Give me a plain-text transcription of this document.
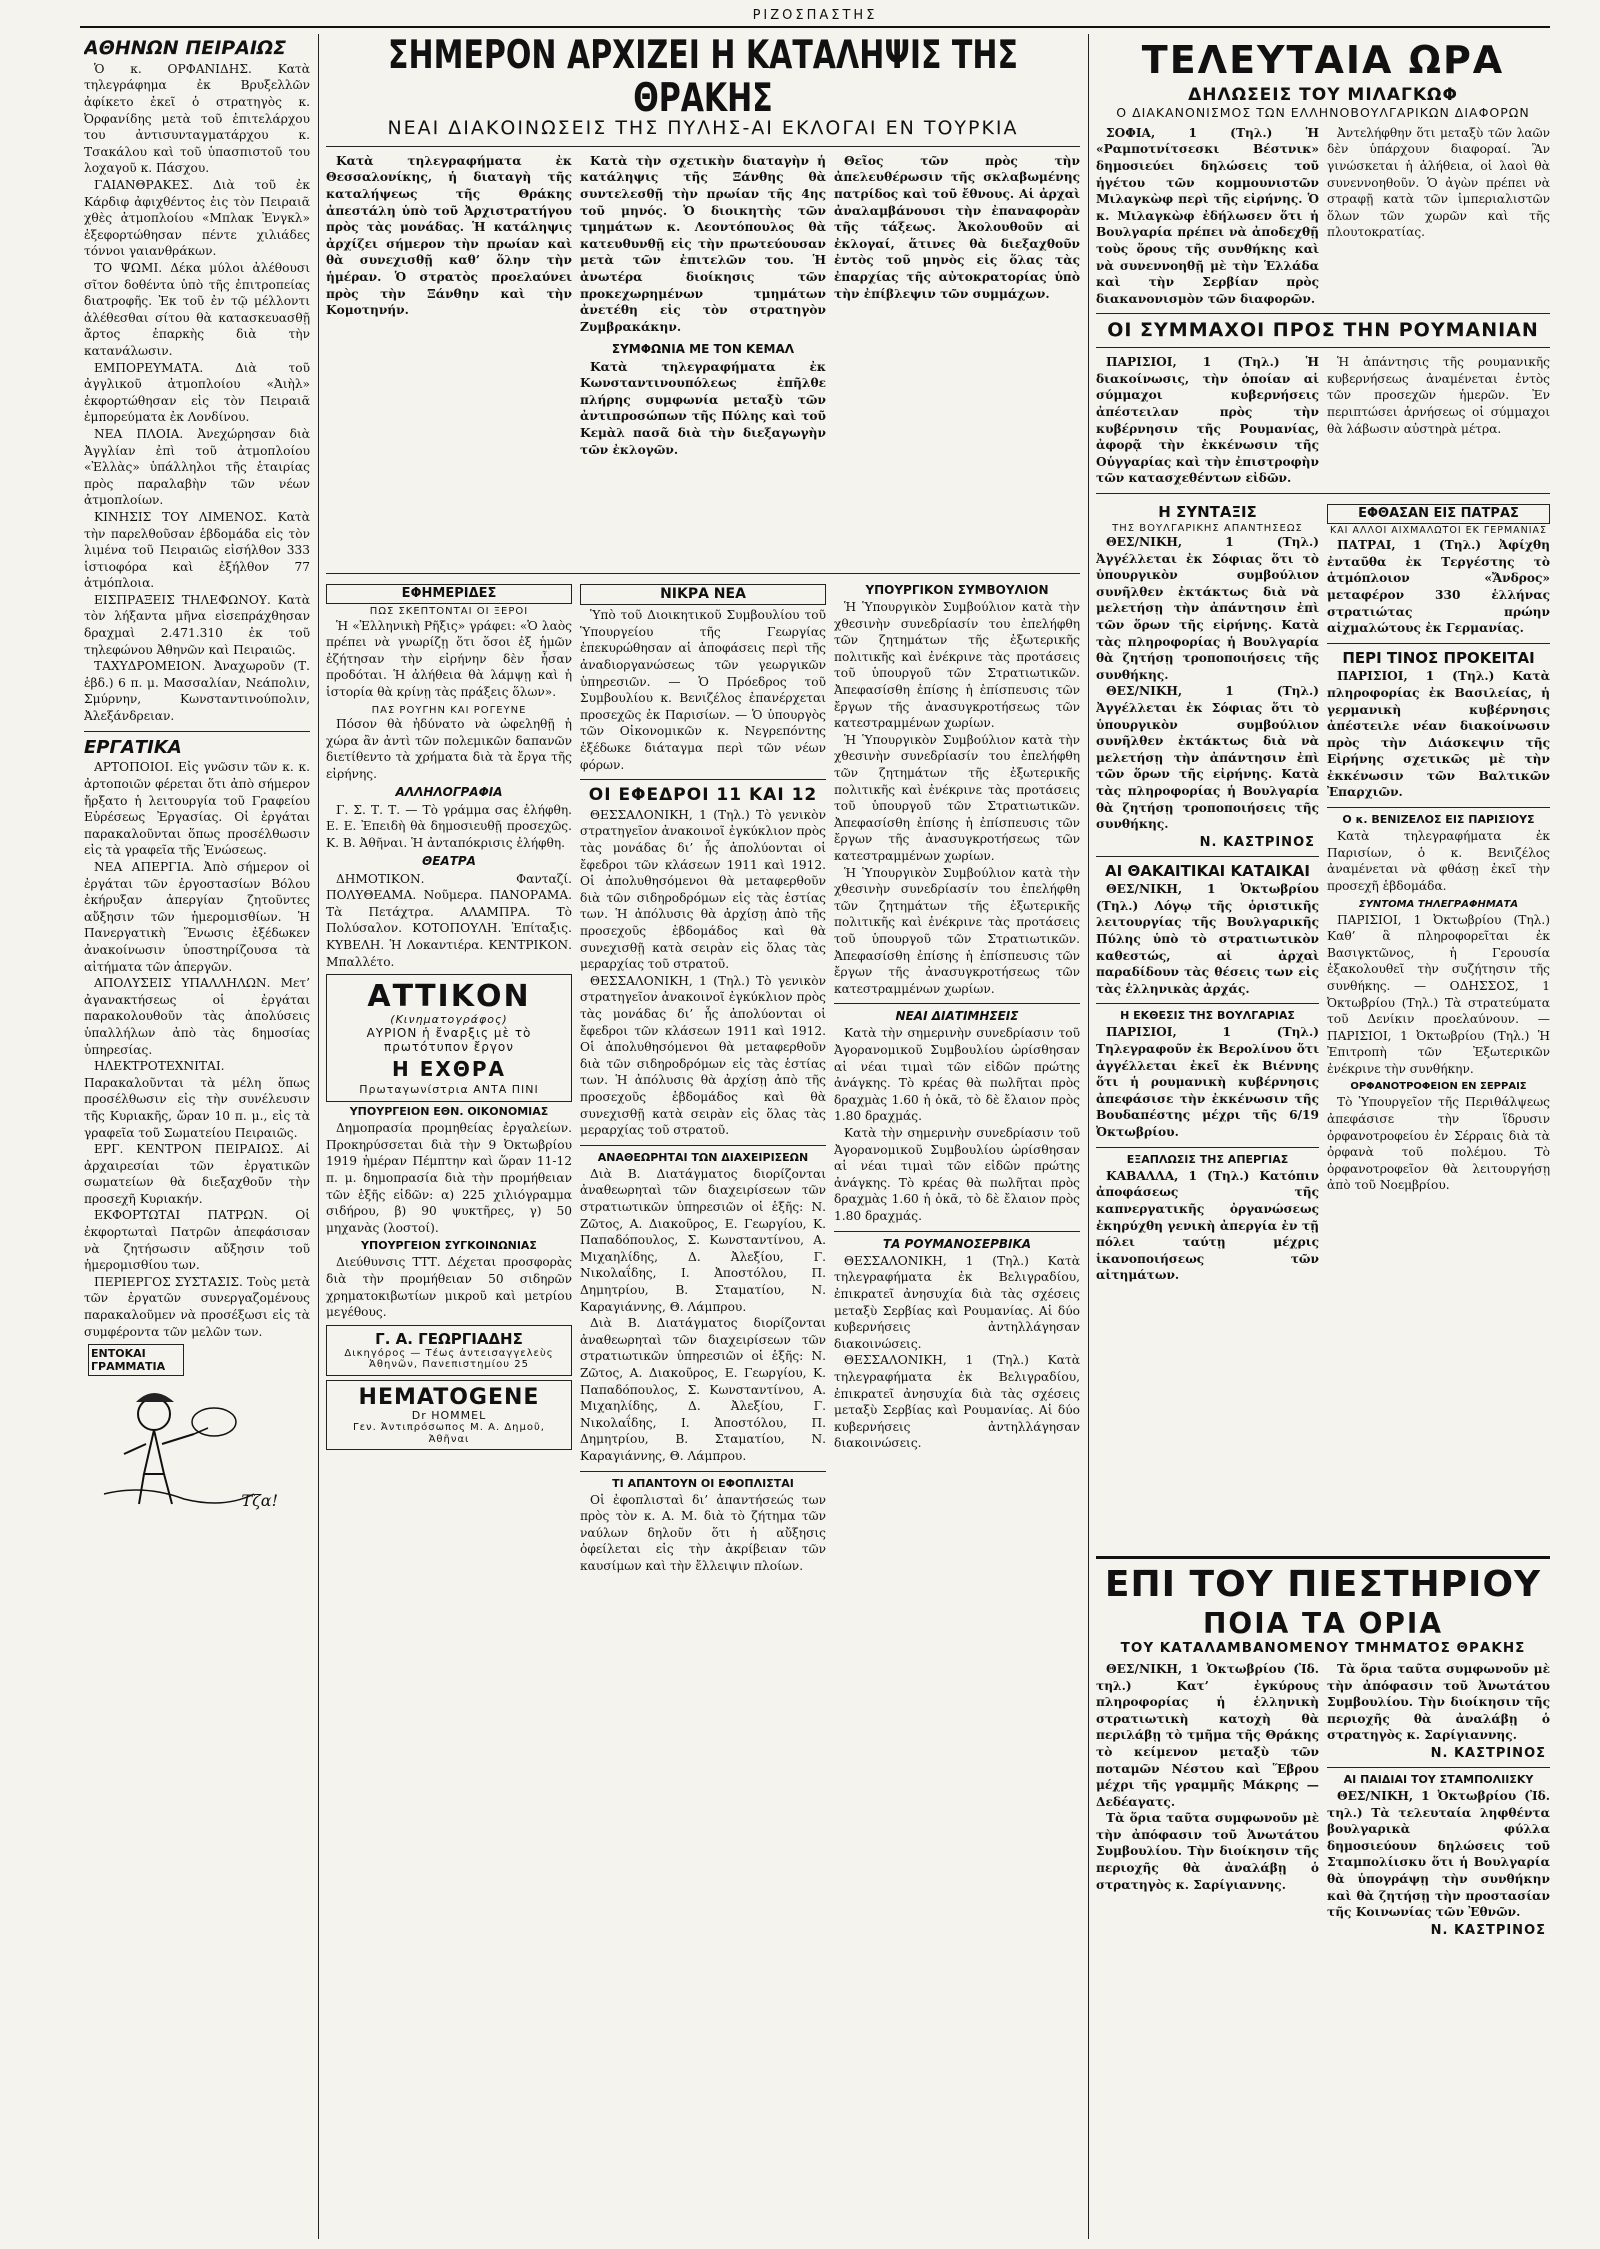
ΡΙΖΟΣΠΑΣΤΗΣ
ΑΘΗΝΩΝ ΠΕΙΡΑΙΩΣ

Ὁ κ. ΟΡΦΑΝΙΔΗΣ. Κατὰ τηλεγράφημα ἐκ Βρυξελλῶν ἀφίκετο ἐκεῖ ὁ στρατηγὸς κ. Ὀρφανίδης μετὰ τοῦ ἐπιτελάρχου του ἀντισυνταγματάρχου κ. Τσακάλου καὶ τοῦ ὑπασπιστοῦ του λοχαγοῦ κ. Πάσχου.

ΓΑΙΑΝΘΡΑΚΕΣ. Διὰ τοῦ ἐκ Κάρδιφ ἀφιχθέντος ἐις τὸν Πειραιᾶ χθὲς ἀτμοπλοίου «Μπλακ Ἐνγκλ» ἐξεφορτώθησαν πέντε χιλιάδες τόννοι γαιανθράκων.

ΤΟ ΨΩΜΙ. Δέκα μύλοι ἀλέθουσι σῖτον δοθέντα ὑπὸ τῆς ἐπιτροπείας διατροφῆς. Ἐκ τοῦ ἐν τῷ μέλλοντι ἀλέθεσθαι σίτου θὰ κατασκευασθῇ ἄρτος ἐπαρκὴς διὰ τὴν κατανάλωσιν.

ΕΜΠΟΡΕΥΜΑΤΑ. Διὰ τοῦ ἀγγλικοῦ ἀτμοπλοίου «Ἀιὴλ» ἐκφορτώθησαν εἰς τὸν Πειραιᾶ ἐμπορεύματα ἐκ Λονδίνου.

ΝΕΑ ΠΛΟΙΑ. Ἀνεχώρησαν διὰ Ἀγγλίαν ἐπὶ τοῦ ἀτμοπλοίου «Ἐλλὰς» ὑπάλληλοι τῆς ἑταιρίας πρὸς παραλαβὴν τῶν νέων ἀτμοπλοίων.

ΚΙΝΗΣΙΣ ΤΟΥ ΛΙΜΕΝΟΣ. Κατὰ τὴν παρελθοῦσαν ἑβδομάδα εἰς τὸν λιμένα τοῦ Πειραιῶς εἰσήλθον 333 ἱστιοφόρα καὶ ἐξήλθον 77 ἀτμόπλοια.

ΕΙΣΠΡΑΞΕΙΣ ΤΗΛΕΦΩΝΟΥ. Κατὰ τὸν λήξαντα μῆνα εἰσεπράχθησαν δραχμαὶ 2.471.310 ἐκ τοῦ τηλεφώνου Ἀθηνῶν καὶ Πειραιῶς.

ΤΑΧΥΔΡΟΜΕΙΟΝ. Ἀναχωροῦν (Τ. ἑβδ.) 6 π. μ. Μασσαλίαν, Νεάπολιν, Σμύρνην, Κωνσταντινούπολιν, Ἀλεξάνδρειαν.

ΕΡΓΑΤΙΚΑ

ΑΡΤΟΠΟΙΟΙ. Εἰς γνῶσιν τῶν κ. κ. ἀρτοποιῶν φέρεται ὅτι ἀπὸ σήμερον ἤρξατο ἡ λειτουργία τοῦ Γραφείου Εὑρέσεως Ἐργασίας. Οἱ ἐργάται παρακαλοῦνται ὅπως προσέλθωσιν εἰς τὰ γραφεῖα τῆς Ἐνώσεως.

ΝΕΑ ΑΠΕΡΓΙΑ. Ἀπὸ σήμερον οἱ ἐργάται τῶν ἐργοστασίων Βόλου ἐκήρυξαν ἀπεργίαν ζητοῦντες αὔξησιν τῶν ἡμερομισθίων. Ἡ Πανεργατικὴ Ἕνωσις ἐξέδωκεν ἀνακοίνωσιν ὑποστηρίζουσα τὰ αἰτήματα τῶν ἀπεργῶν.

ΑΠΟΛΥΣΕΙΣ ΥΠΑΛΛΗΛΩΝ. Μετ’ ἀγανακτήσεως οἱ ἐργάται παρακολουθοῦν τὰς ἀπολύσεις ὑπαλλήλων ἀπὸ τὰς δημοσίας ὑπηρεσίας.

ΗΛΕΚΤΡΟΤΕΧΝΙΤΑΙ. Παρακαλοῦνται τὰ μέλη ὅπως προσέλθωσιν εἰς τὴν συνέλευσιν τῆς Κυριακῆς, ὥραν 10 π. μ., εἰς τὰ γραφεῖα τοῦ Σωματείου Πειραιῶς.

ΕΡΓ. ΚΕΝΤΡΟΝ ΠΕΙΡΑΙΩΣ. Αἱ ἀρχαιρεσίαι τῶν ἐργατικῶν σωματείων θὰ διεξαχθοῦν τὴν προσεχῆ Κυριακήν.

ΕΚΦΟΡΤΩΤΑΙ ΠΑΤΡΩΝ. Οἱ ἐκφορτωταὶ Πατρῶν ἀπεφάσισαν νὰ ζητήσωσιν αὔξησιν τοῦ ἡμερομισθίου των.

ΠΕΡΙΕΡΓΟΣ ΣΥΣΤΑΣΙΣ. Τοὺς μετὰ τῶν ἐργατῶν συνεργαζομένους παρακαλοῦμεν νὰ προσέξωσι εἰς τὰ συμφέροντα τῶν μελῶν των.

ΕΝΤΟΚΑΙ ΓΡΑΜΜΑΤΙΑ
Τζα!
ΣΗΜΕΡΟΝ ΑΡΧΙΖΕΙ Η ΚΑΤΑΛΗΨΙΣ ΤΗΣ ΘΡΑΚΗΣ
ΝΕΑΙ ΔΙΑΚΟΙΝΩΣΕΙΣ ΤΗΣ ΠΥΛΗΣ-ΑΙ ΕΚΛΟΓΑΙ ΕΝ ΤΟΥΡΚΙΑ

Κατὰ τηλεγραφήματα ἐκ Θεσσαλονίκης, ἡ διαταγὴ τῆς καταλήψεως τῆς Θράκης ἀπεστάλη ὑπὸ τοῦ Ἀρχιστρατήγου πρὸς τὰς μονάδας. Ἡ κατάληψις ἀρχίζει σήμερον τὴν πρωίαν καὶ θὰ συνεχισθῇ καθ’ ὅλην τὴν ἡμέραν. Ὁ στρατὸς προελαύνει πρὸς τὴν Ξάνθην καὶ τὴν Κομοτηνήν.

Κατὰ τὴν σχετικὴν διαταγὴν ἡ κατάληψις τῆς Ξάνθης θὰ συντελεσθῇ τὴν πρωίαν τῆς 4ης τοῦ μηνός. Ὁ διοικητὴς τῶν τμημάτων κ. Λεοντόπουλος θὰ κατευθυνθῇ εἰς τὴν πρωτεύουσαν μετὰ τῶν ἐπιτελῶν του. Ἡ ἀνωτέρα διοίκησις τῶν προκεχωρημένων τμημάτων ἀνετέθη εἰς τὸν στρατηγὸν Ζυμβρακάκην.

ΣΥΜΦΩΝΙΑ ΜΕ ΤΟΝ ΚΕΜΑΛ

Κατὰ τηλεγραφήματα ἐκ Κωνσταντινουπόλεως ἐπῆλθε πλήρης συμφωνία μεταξὺ τῶν ἀντιπροσώπων τῆς Πύλης καὶ τοῦ Κεμὰλ πασᾶ διὰ τὴν διεξαγωγὴν τῶν ἐκλογῶν.

Θεῖος τῶν πρὸς τὴν ἀπελευθέρωσιν τῆς σκλαβωμένης πατρίδος καὶ τοῦ ἔθνους. Αἱ ἀρχαὶ ἀναλαμβάνουσι τὴν ἐπαναφορὰν τῆς τάξεως. Ἀκολουθοῦν αἱ ἐκλογαί, ἅτινες θὰ διεξαχθοῦν ἐντὸς τοῦ μηνὸς εἰς ὅλας τὰς ἐπαρχίας τῆς αὐτοκρατορίας ὑπὸ τὴν ἐπίβλεψιν τῶν συμμάχων.

ΕΦΗΜΕΡΙΔΕΣ
ΠΩΣ ΣΚΕΠΤΟΝΤΑΙ ΟΙ ΞΕΡΟΙ

Ἡ «Ἑλληνικὴ Ρῆξις» γράφει: «Ὁ λαὸς πρέπει νὰ γνωρίζῃ ὅτι ὅσοι ἐξ ἡμῶν ἐζήτησαν τὴν εἰρήνην δὲν ἦσαν προδόται. Ἡ ἀλήθεια θὰ λάμψῃ καὶ ἡ ἱστορία θὰ κρίνῃ τὰς πράξεις ὅλων».

ΠΑΣ ΡΟΥΓΗΝ ΚΑΙ ΡΟΓΕΥΝΕ

Πόσον θὰ ἠδύνατο νὰ ὠφεληθῇ ἡ χώρα ἂν ἀντὶ τῶν πολεμικῶν δαπανῶν διετίθεντο τὰ χρήματα διὰ τὰ ἔργα τῆς εἰρήνης.

ΑΛΛΗΛΟΓΡΑΦΙΑ

Γ. Σ. Τ. Τ. — Τὸ γράμμα σας ἐλήφθη. Ε. Ε. Ἐπειδὴ θὰ δημοσιευθῇ προσεχῶς. Κ. Β. Ἀθῆναι. Ἡ ἀνταπόκρισις ἐλήφθη.

ΘΕΑΤΡΑ

ΔΗΜΟΤΙΚΟΝ. Φανταζί. ΠΟΛΥΘΕΑΜΑ. Νοῦμερα. ΠΑΝΟΡΑΜΑ. Τὰ Πετάχτρα. ΑΛΑΜΠΡΑ. Τὸ Πολύσαλον. ΚΟΤΟΠΟΥΛΗ. Ἐπίταξις. ΚΥΒΕΛΗ. Ἡ Λοκαντιέρα. ΚΕΝΤΡΙΚΟΝ. Μπαλλέτο.

ΑΤΤΙΚΟΝ
(Κινηματογράφος)
ΑΥΡΙΟΝ ἡ ἔναρξις μὲ τὸ πρωτότυπον ἔργον
Η ΕΧΘΡΑ
Πρωταγωνίστρια ΑΝΤΑ ΠΙΝΙ
ΥΠΟΥΡΓΕΙΟΝ ΕΘΝ. ΟΙΚΟΝΟΜΙΑΣ

Δημοπρασία προμηθείας ἐργαλείων. Προκηρύσσεται διὰ τὴν 9 Ὀκτωβρίου 1919 ἡμέραν Πέμπτην καὶ ὥραν 11-12 π. μ. δημοπρασία διὰ τὴν προμήθειαν τῶν ἑξῆς εἰδῶν: α) 225 χιλιόγραμμα σιδήρου, β) 90 ψυκτῆρες, γ) 50 μηχανὰς (λοστοί).

ΥΠΟΥΡΓΕΙΟΝ ΣΥΓΚΟΙΝΩΝΙΑΣ

Διεύθυνσις ΤΤΤ. Δέχεται προσφορὰς διὰ τὴν προμήθειαν 50 σιδηρῶν χρηματοκιβωτίων μικροῦ καὶ μετρίου μεγέθους.

Γ. Α. ΓΕΩΡΓΙΑΔΗΣ
Δικηγόρος — Τέως ἀντεισαγγελεὺς Ἀθηνῶν, Πανεπιστημίου 25
HEMATOGENE
Dr HOMMEL
Γεν. Ἀντιπρόσωπος Μ. Α. Δημοῦ, Ἀθῆναι
ΝΙΚΡΑ ΝΕΑ

Ὑπὸ τοῦ Διοικητικοῦ Συμβουλίου τοῦ Ὑπουργείου τῆς Γεωργίας ἐπεκυρώθησαν αἱ ἀποφάσεις περὶ τῆς ἀναδιοργανώσεως τῶν γεωργικῶν ὑπηρεσιῶν. — Ὁ Πρόεδρος τοῦ Συμβουλίου κ. Βενιζέλος ἐπανέρχεται προσεχῶς ἐκ Παρισίων. — Ὁ ὑπουργὸς τῶν Οἰκονομικῶν κ. Νεγρεπόντης ἐξέδωκε διάταγμα περὶ τῶν νέων φόρων.

ΟΙ ΕΦΕΔΡΟΙ 11 ΚΑΙ 12

ΘΕΣΣΑΛΟΝΙΚΗ, 1 (Τηλ.) Τὸ γενικὸν στρατηγεῖον ἀνακοινοῖ ἐγκύκλιον πρὸς τὰς μονάδας δι’ ἧς ἀπολύονται οἱ ἔφεδροι τῶν κλάσεων 1911 καὶ 1912. Οἱ ἀπολυθησόμενοι θὰ μεταφερθοῦν διὰ τῶν σιδηροδρόμων εἰς τὰς ἑστίας των. Ἡ ἀπόλυσις θὰ ἀρχίσῃ ἀπὸ τῆς προσεχοῦς ἑβδομάδος καὶ θὰ συνεχισθῇ κατὰ σειρὰν εἰς ὅλας τὰς μεραρχίας τοῦ στρατοῦ.

ΘΕΣΣΑΛΟΝΙΚΗ, 1 (Τηλ.) Τὸ γενικὸν στρατηγεῖον ἀνακοινοῖ ἐγκύκλιον πρὸς τὰς μονάδας δι’ ἧς ἀπολύονται οἱ ἔφεδροι τῶν κλάσεων 1911 καὶ 1912. Οἱ ἀπολυθησόμενοι θὰ μεταφερθοῦν διὰ τῶν σιδηροδρόμων εἰς τὰς ἑστίας των. Ἡ ἀπόλυσις θὰ ἀρχίσῃ ἀπὸ τῆς προσεχοῦς ἑβδομάδος καὶ θὰ συνεχισθῇ κατὰ σειρὰν εἰς ὅλας τὰς μεραρχίας τοῦ στρατοῦ.

ΑΝΑΘΕΩΡΗΤΑΙ ΤΩΝ ΔΙΑΧΕΙΡΙΣΕΩΝ

Διὰ Β. Διατάγματος διορίζονται ἀναθεωρηταὶ τῶν διαχειρίσεων τῶν στρατιωτικῶν ὑπηρεσιῶν οἱ ἑξῆς: Ν. Ζῶτος, Α. Διακοῦρος, Ε. Γεωργίου, Κ. Παπαδόπουλος, Σ. Κωνσταντίνου, Α. Μιχαηλίδης, Δ. Ἀλεξίου, Γ. Νικολαΐδης, Ι. Ἀποστόλου, Π. Δημητρίου, Β. Σταματίου, Ν. Καραγιάννης, Θ. Λάμπρου.

Διὰ Β. Διατάγματος διορίζονται ἀναθεωρηταὶ τῶν διαχειρίσεων τῶν στρατιωτικῶν ὑπηρεσιῶν οἱ ἑξῆς: Ν. Ζῶτος, Α. Διακοῦρος, Ε. Γεωργίου, Κ. Παπαδόπουλος, Σ. Κωνσταντίνου, Α. Μιχαηλίδης, Δ. Ἀλεξίου, Γ. Νικολαΐδης, Ι. Ἀποστόλου, Π. Δημητρίου, Β. Σταματίου, Ν. Καραγιάννης, Θ. Λάμπρου.

ΤΙ ΑΠΑΝΤΟΥΝ ΟΙ ΕΦΟΠΛΙΣΤΑΙ

Οἱ ἐφοπλισταὶ δι’ ἀπαντήσεώς των πρὸς τὸν κ. Α. Μ. διὰ τὸ ζήτημα τῶν ναύλων δηλοῦν ὅτι ἡ αὔξησις ὀφείλεται εἰς τὴν ἀκρίβειαν τῶν καυσίμων καὶ τὴν ἔλλειψιν πλοίων.

ΥΠΟΥΡΓΙΚΟΝ ΣΥΜΒΟΥΛΙΟΝ

Ἡ Ὑπουργικὸν Συμβούλιον κατὰ τὴν χθεσινὴν συνεδρίασίν του ἐπελήφθη τῶν ζητημάτων τῆς ἐξωτερικῆς πολιτικῆς καὶ ἐνέκρινε τὰς προτάσεις τοῦ ὑπουργοῦ τῶν Στρατιωτικῶν. Ἀπεφασίσθη ἐπίσης ἡ ἐπίσπευσις τῶν ἔργων τῆς ἀνασυγκροτήσεως τῶν κατεστραμμένων χωρίων.

Ἡ Ὑπουργικὸν Συμβούλιον κατὰ τὴν χθεσινὴν συνεδρίασίν του ἐπελήφθη τῶν ζητημάτων τῆς ἐξωτερικῆς πολιτικῆς καὶ ἐνέκρινε τὰς προτάσεις τοῦ ὑπουργοῦ τῶν Στρατιωτικῶν. Ἀπεφασίσθη ἐπίσης ἡ ἐπίσπευσις τῶν ἔργων τῆς ἀνασυγκροτήσεως τῶν κατεστραμμένων χωρίων.

Ἡ Ὑπουργικὸν Συμβούλιον κατὰ τὴν χθεσινὴν συνεδρίασίν του ἐπελήφθη τῶν ζητημάτων τῆς ἐξωτερικῆς πολιτικῆς καὶ ἐνέκρινε τὰς προτάσεις τοῦ ὑπουργοῦ τῶν Στρατιωτικῶν. Ἀπεφασίσθη ἐπίσης ἡ ἐπίσπευσις τῶν ἔργων τῆς ἀνασυγκροτήσεως τῶν κατεστραμμένων χωρίων.

ΝΕΑΙ ΔΙΑΤΙΜΗΣΕΙΣ

Κατὰ τὴν σημερινὴν συνεδρίασιν τοῦ Ἀγορανομικοῦ Συμβουλίου ὡρίσθησαν αἱ νέαι τιμαὶ τῶν εἰδῶν πρώτης ἀνάγκης. Τὸ κρέας θὰ πωλῆται πρὸς δραχμὰς 1.60 ἡ ὀκᾶ, τὸ δὲ ἔλαιον πρὸς 1.80 δραχμάς.

Κατὰ τὴν σημερινὴν συνεδρίασιν τοῦ Ἀγορανομικοῦ Συμβουλίου ὡρίσθησαν αἱ νέαι τιμαὶ τῶν εἰδῶν πρώτης ἀνάγκης. Τὸ κρέας θὰ πωλῆται πρὸς δραχμὰς 1.60 ἡ ὀκᾶ, τὸ δὲ ἔλαιον πρὸς 1.80 δραχμάς.

ΤΑ ΡΟΥΜΑΝΟΣΕΡΒΙΚΑ

ΘΕΣΣΑΛΟΝΙΚΗ, 1 (Τηλ.) Κατὰ τηλεγραφήματα ἐκ Βελιγραδίου, ἐπικρατεῖ ἀνησυχία διὰ τὰς σχέσεις μεταξὺ Σερβίας καὶ Ρουμανίας. Αἱ δύο κυβερνήσεις ἀντηλλάγησαν διακοινώσεις.

ΘΕΣΣΑΛΟΝΙΚΗ, 1 (Τηλ.) Κατὰ τηλεγραφήματα ἐκ Βελιγραδίου, ἐπικρατεῖ ἀνησυχία διὰ τὰς σχέσεις μεταξὺ Σερβίας καὶ Ρουμανίας. Αἱ δύο κυβερνήσεις ἀντηλλάγησαν διακοινώσεις.

ΤΕΛΕΥΤΑΙΑ ΩΡΑ
ΔΗΛΩΣΕΙΣ ΤΟΥ ΜΙΛΑΓΚΩΦ
Ο ΔΙΑΚΑΝΟΝΙΣΜΟΣ ΤΩΝ ΕΛΛΗΝΟΒΟΥΛΓΑΡΙΚΩΝ ΔΙΑΦΟΡΩΝ

ΣΟΦΙΑ, 1 (Τηλ.) Ἡ «Ραμποτνίτσεσκι Βέστνικ» δημοσιεύει δηλώσεις τοῦ ἡγέτου τῶν κομμουνιστῶν Μιλαγκὼφ περὶ τῆς εἰρήνης. Ὁ κ. Μιλαγκὼφ ἐδήλωσεν ὅτι ἡ Βουλγαρία πρέπει νὰ ἀποδεχθῇ τοὺς ὅρους τῆς συνθήκης καὶ νὰ συνεννοηθῇ μὲ τὴν Ἑλλάδα καὶ τὴν Σερβίαν πρὸς διακανονισμὸν τῶν διαφορῶν.

Ἀντελήφθην ὅτι μεταξὺ τῶν λαῶν δὲν ὑπάρχουν διαφοραί. Ἂν γινώσκεται ἡ ἀλήθεια, οἱ λαοὶ θὰ συνεννοηθοῦν. Ὁ ἀγὼν πρέπει νὰ στραφῇ κατὰ τῶν ἰμπεριαλιστῶν ὅλων τῶν χωρῶν καὶ τῆς πλουτοκρατίας.

ΟΙ ΣΥΜΜΑΧΟΙ ΠΡΟΣ ΤΗΝ ΡΟΥΜΑΝΙΑΝ

ΠΑΡΙΣΙΟΙ, 1 (Τηλ.) Ἡ διακοίνωσις, τὴν ὁποίαν αἱ σύμμαχοι κυβερνήσεις ἀπέστειλαν πρὸς τὴν κυβέρνησιν τῆς Ρουμανίας, ἀφορᾷ τὴν ἐκκένωσιν τῆς Οὑγγαρίας καὶ τὴν ἐπιστροφὴν τῶν κατασχεθέντων εἰδῶν.

Ἡ ἀπάντησις τῆς ρουμανικῆς κυβερνήσεως ἀναμένεται ἐντὸς τῶν προσεχῶν ἡμερῶν. Ἐν περιπτώσει ἀρνήσεως οἱ σύμμαχοι θὰ λάβωσιν αὐστηρὰ μέτρα.

Η ΣΥΝΤΑΞΙΣ
ΤΗΣ ΒΟΥΛΓΑΡΙΚΗΣ ΑΠΑΝΤΗΣΕΩΣ

ΘΕΣ/ΝΙΚΗ, 1 (Τηλ.) Ἀγγέλλεται ἐκ Σόφιας ὅτι τὸ ὑπουργικὸν συμβούλιον συνῆλθεν ἐκτάκτως διὰ νὰ μελετήσῃ τὴν ἀπάντησιν ἐπὶ τῶν ὅρων τῆς εἰρήνης. Κατὰ τὰς πληροφορίας ἡ Βουλγαρία θὰ ζητήσῃ τροποποιήσεις τῆς συνθήκης.

ΘΕΣ/ΝΙΚΗ, 1 (Τηλ.) Ἀγγέλλεται ἐκ Σόφιας ὅτι τὸ ὑπουργικὸν συμβούλιον συνῆλθεν ἐκτάκτως διὰ νὰ μελετήσῃ τὴν ἀπάντησιν ἐπὶ τῶν ὅρων τῆς εἰρήνης. Κατὰ τὰς πληροφορίας ἡ Βουλγαρία θὰ ζητήσῃ τροποποιήσεις τῆς συνθήκης.

Ν. ΚΑΣΤΡΙΝΟΣ
ΑΙ ΘΑΚΑΙΤΙΚΑΙ ΚΑΤΑΙΚΑΙ

ΘΕΣ/ΝΙΚΗ, 1 Ὀκτωβρίου (Τηλ.) Λόγῳ τῆς ὁριστικῆς λειτουργίας τῆς Βουλγαρικῆς Πύλης ὑπὸ τὸ στρατιωτικὸν καθεστώς, αἱ ἀρχαὶ παραδίδουν τὰς θέσεις των εἰς τὰς ἑλληνικὰς ἀρχάς.

Η ΕΚΘΕΣΙΣ ΤΗΣ ΒΟΥΛΓΑΡΙΑΣ

ΠΑΡΙΣΙΟΙ, 1 (Τηλ.) Τηλεγραφοῦν ἐκ Βερολίνου ὅτι ἀγγέλλεται ἐκεῖ ἐκ Βιέννης ὅτι ἡ ρουμανικὴ κυβέρνησις ἀπεφάσισε τὴν ἐκκένωσιν τῆς Βουδαπέστης μέχρι τῆς 6/19 Ὀκτωβρίου.

ΕΞΑΠΛΩΣΙΣ ΤΗΣ ΑΠΕΡΓΙΑΣ

ΚΑΒΑΛΛΑ, 1 (Τηλ.) Κατόπιν ἀποφάσεως τῆς καπνεργατικῆς ὀργανώσεως ἐκηρύχθη γενικὴ ἀπεργία ἐν τῇ πόλει ταύτῃ μέχρις ἱκανοποιήσεως τῶν αἰτημάτων.

ΕΦΘΑΣΑΝ ΕΙΣ ΠΑΤΡΑΣ
ΚΑΙ ΑΛΛΟΙ ΑΙΧΜΑΛΩΤΟΙ ΕΚ ΓΕΡΜΑΝΙΑΣ

ΠΑΤΡΑΙ, 1 (Τηλ.) Ἀφίχθη ἐνταῦθα ἐκ Τεργέστης τὸ ἀτμόπλοιον «Ἄνδρος» μεταφέρον 330 ἑλλήνας στρατιώτας πρώην αἰχμαλώτους ἐκ Γερμανίας.

ΠΕΡΙ ΤΙΝΟΣ ΠΡΟΚΕΙΤΑΙ

ΠΑΡΙΣΙΟΙ, 1 (Τηλ.) Κατὰ πληροφορίας ἐκ Βασιλείας, ἡ γερμανικὴ κυβέρνησις ἀπέστειλε νέαν διακοίνωσιν πρὸς τὴν Διάσκεψιν τῆς Εἰρήνης σχετικῶς μὲ τὴν ἐκκένωσιν τῶν Βαλτικῶν Ἐπαρχιῶν.

Ο κ. ΒΕΝΙΖΕΛΟΣ ΕΙΣ ΠΑΡΙΣΙΟΥΣ

Κατὰ τηλεγραφήματα ἐκ Παρισίων, ὁ κ. Βενιζέλος ἀναμένεται νὰ φθάσῃ ἐκεῖ τὴν προσεχῆ ἑβδομάδα.

ΣΥΝΤΟΜΑ ΤΗΛΕΓΡΑΦΗΜΑΤΑ

ΠΑΡΙΣΙΟΙ, 1 Ὀκτωβρίου (Τηλ.) Καθ’ ἃ πληροφορεῖται ἐκ Βασιγκτῶνος, ἡ Γερουσία ἐξακολουθεῖ τὴν συζήτησιν τῆς συνθήκης. — ΟΔΗΣΣΟΣ, 1 Ὀκτωβρίου (Τηλ.) Τὰ στρατεύματα τοῦ Δενίκιν προελαύνουν. — ΠΑΡΙΣΙΟΙ, 1 Ὀκτωβρίου (Τηλ.) Ἡ Ἐπιτροπὴ τῶν Ἐξωτερικῶν ἐνέκρινε τὴν συνθήκην.

ΟΡΦΑΝΟΤΡΟΦΕΙΟΝ ΕΝ ΣΕΡΡΑΙΣ

Τὸ Ὑπουργεῖον τῆς Περιθάλψεως ἀπεφάσισε τὴν ἵδρυσιν ὀρφανοτροφείου ἐν Σέρραις διὰ τὰ ὀρφανὰ τοῦ πολέμου. Τὸ ὀρφανοτροφεῖον θὰ λειτουργήσῃ ἀπὸ τοῦ Νοεμβρίου.

ΕΠΙ ΤΟΥ ΠΙΕΣΤΗΡΙΟΥ
ΠΟΙΑ ΤΑ ΟΡΙΑ
ΤΟΥ ΚΑΤΑΛΑΜΒΑΝΟΜΕΝΟΥ ΤΜΗΜΑΤΟΣ ΘΡΑΚΗΣ

ΘΕΣ/ΝΙΚΗ, 1 Ὀκτωβρίου (Ἰδ. τηλ.) Κατ’ ἐγκύρους πληροφορίας ἡ ἑλληνικὴ στρατιωτικὴ κατοχὴ θὰ περιλάβῃ τὸ τμῆμα τῆς Θράκης τὸ κείμενον μεταξὺ τῶν ποταμῶν Νέστου καὶ Ἕβρου μέχρι τῆς γραμμῆς Μάκρης — Δεδέαγατς.

Τὰ ὅρια ταῦτα συμφωνοῦν μὲ τὴν ἀπόφασιν τοῦ Ἀνωτάτου Συμβουλίου. Τὴν διοίκησιν τῆς περιοχῆς θὰ ἀναλάβῃ ὁ στρατηγὸς κ. Σαρίγιαννης.

Τὰ ὅρια ταῦτα συμφωνοῦν μὲ τὴν ἀπόφασιν τοῦ Ἀνωτάτου Συμβουλίου. Τὴν διοίκησιν τῆς περιοχῆς θὰ ἀναλάβῃ ὁ στρατηγὸς κ. Σαρίγιαννης.

Ν. ΚΑΣΤΡΙΝΟΣ
ΑΙ ΠΑΙΔΙΑΙ ΤΟΥ ΣΤΑΜΠΟΛΙΙΣΚΥ

ΘΕΣ/ΝΙΚΗ, 1 Ὀκτωβρίου (Ἰδ. τηλ.) Τὰ τελευταία ληφθέντα βουλγαρικὰ φύλλα δημοσιεύουν δηλώσεις τοῦ Σταμπολίισκυ ὅτι ἡ Βουλγαρία θὰ ὑπογράψῃ τὴν συνθήκην καὶ θὰ ζητήσῃ τὴν προστασίαν τῆς Κοινωνίας τῶν Ἐθνῶν.

Ν. ΚΑΣΤΡΙΝΟΣ
